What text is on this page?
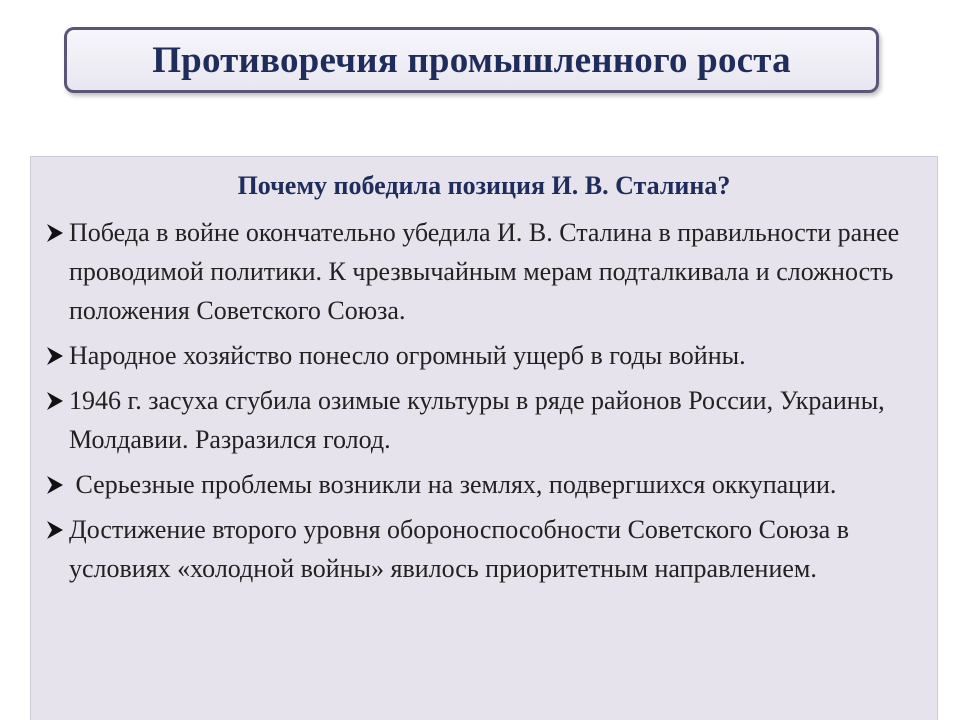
Противоречия промышленного роста
Почему победила позиция И. В. Сталина?
Победа в войне окончательно убедила И. В. Сталина в правильности ранее проводимой политики. К чрезвычайным мерам подталкивала и сложность положения Советского Союза.
Народное хозяйство понесло огромный ущерб в годы войны.
1946 г. засуха сгубила озимые культуры в ряде районов России, Украины, Молдавии. Разразился голод.
Серьезные проблемы возникли на землях, подвергшихся оккупации.
Достижение второго уровня обороноспособности Советского Союза в условиях «холодной войны» явилось приоритетным направлением.
